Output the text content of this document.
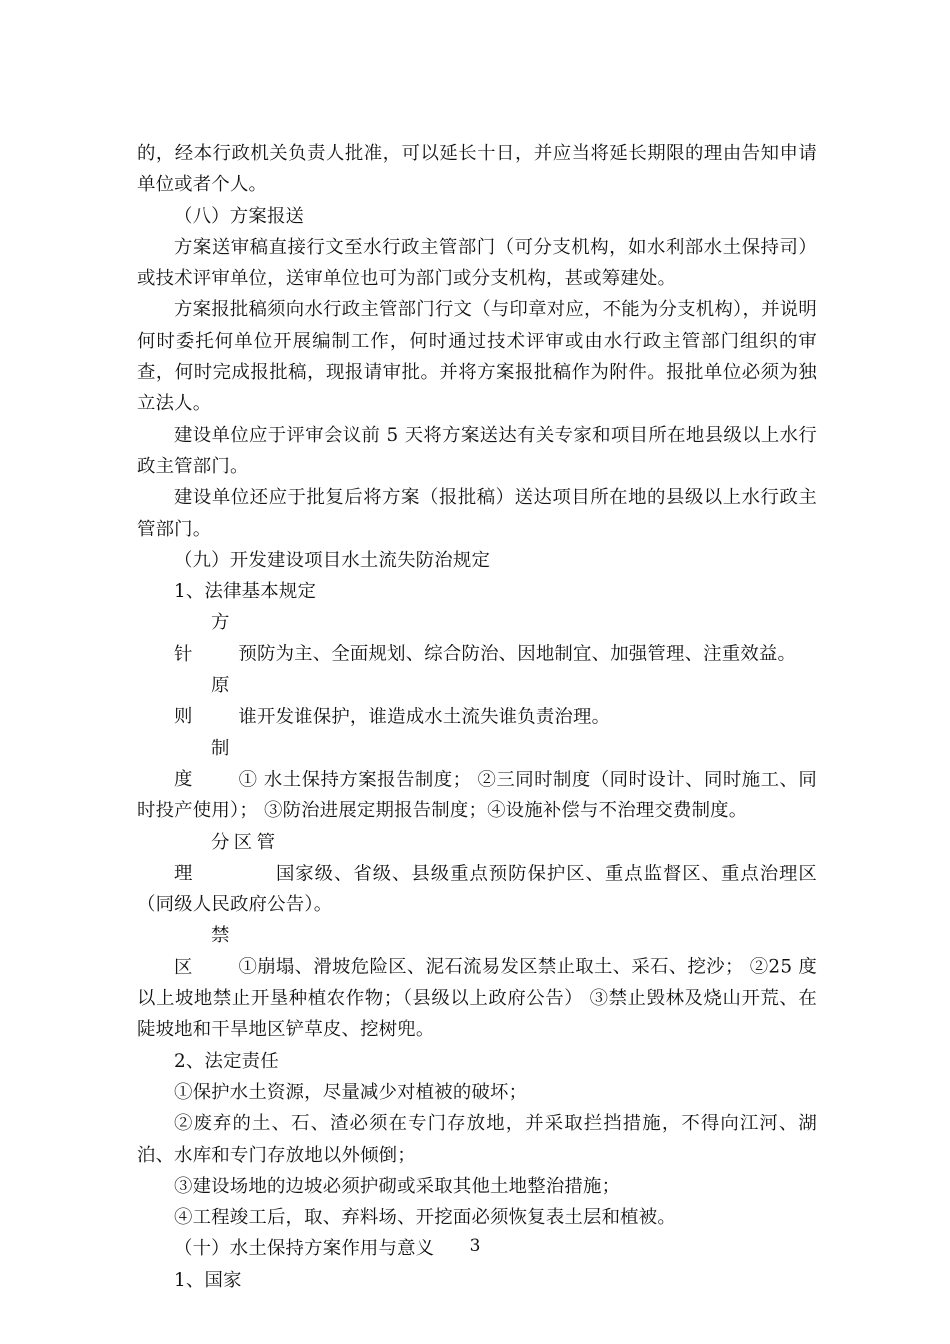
的，经本行政机关负责人批准，可以延长十日，并应当将延长期限的理由告知申请单位或者个人。

（八）方案报送

方案送审稿直接行文至水行政主管部门（可分支机构，如水利部水土保持司）或技术评审单位，送审单位也可为部门或分支机构，甚或筹建处。

方案报批稿须向水行政主管部门行文（与印章对应，不能为分支机构），并说明何时委托何单位开展编制工作，何时通过技术评审或由水行政主管部门组织的审查，何时完成报批稿，现报请审批。并将方案报批稿作为附件。报批单位必须为独立法人。

建设单位应于评审会议前 5 天将方案送达有关专家和项目所在地县级以上水行政主管部门。

建设单位还应于批复后将方案（报批稿）送达项目所在地的县级以上水行政主管部门。

（九）开发建设项目水土流失防治规定

1、法律基本规定

方　　针 预防为主、全面规划、综合防治、因地制宜、加强管理、注重效益。

原　　则 谁开发谁保护，谁造成水土流失谁负责治理。

制　　度 ① 水土保持方案报告制度； ②三同时制度（同时设计、同时施工、同时投产使用）； ③防治进展定期报告制度；④设施补偿与不治理交费制度。

分区管理	国家级、省级、县级重点预防保护区、重点监督区、重点治理区（同级人民政府公告）。

禁　　区 ①崩塌、滑坡危险区、泥石流易发区禁止取土、采石、挖沙； ②25 度以上坡地禁止开垦种植农作物；（县级以上政府公告） ③禁止毁林及烧山开荒、在陡坡地和干旱地区铲草皮、挖树兜。

2、法定责任

①保护水土资源，尽量减少对植被的破坏；

②废弃的土、石、渣必须在专门存放地，并采取拦挡措施，不得向江河、湖泊、水库和专门存放地以外倾倒；

③建设场地的边坡必须护砌或采取其他土地整治措施；

④工程竣工后，取、弃料场、开挖面必须恢复表土层和植被。

（十）水土保持方案作用与意义

1、国家

3
